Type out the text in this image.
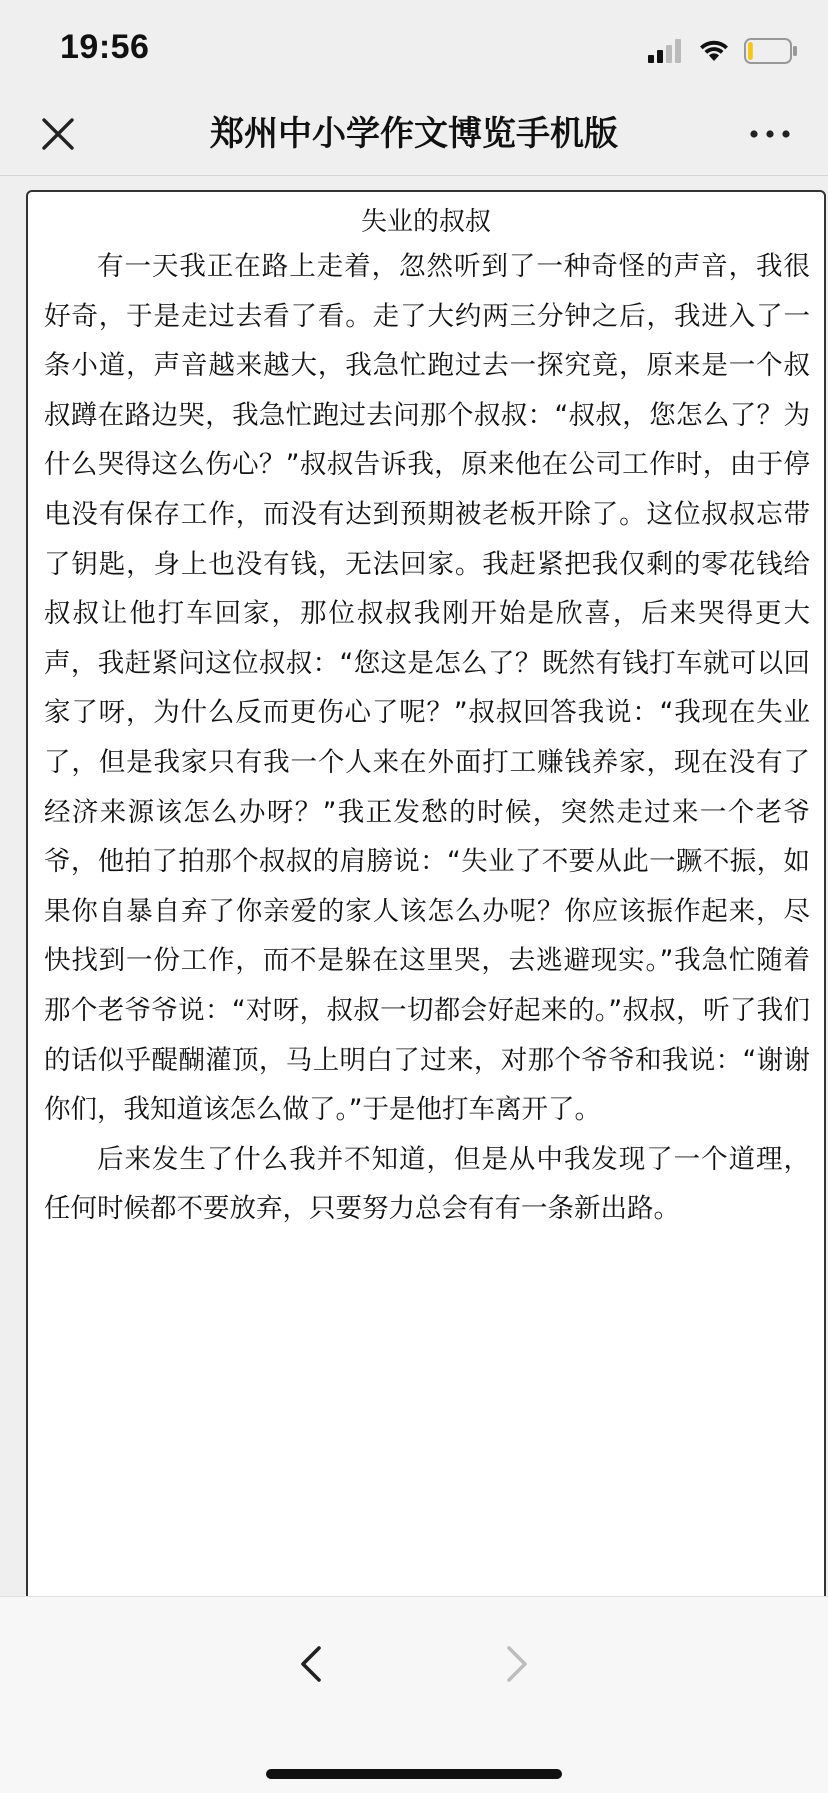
19:56
郑州中小学作文博览手机版
失业的叔叔

有一天我正在路上走着，忽然听到了一种奇怪的声音，我很好奇，于是走过去看了看。走了大约两三分钟之后，我进入了一条小道，声音越来越大，我急忙跑过去一探究竟，原来是一个叔叔蹲在路边哭，我急忙跑过去问那个叔叔：“叔叔，您怎么了？为什么哭得这么伤心？”叔叔告诉我，原来他在公司工作时，由于停电没有保存工作，而没有达到预期被老板开除了。这位叔叔忘带了钥匙，身上也没有钱，无法回家。我赶紧把我仅剩的零花钱给叔叔让他打车回家，那位叔叔我刚开始是欣喜，后来哭得更大声，我赶紧问这位叔叔：“您这是怎么了？既然有钱打车就可以回家了呀，为什么反而更伤心了呢？”叔叔回答我说：“我现在失业了，但是我家只有我一个人来在外面打工赚钱养家，现在没有了经济来源该怎么办呀？”我正发愁的时候，突然走过来一个老爷爷，他拍了拍那个叔叔的肩膀说：“失业了不要从此一蹶不振，如果你自暴自弃了你亲爱的家人该怎么办呢？你应该振作起来，尽快找到一份工作，而不是躲在这里哭，去逃避现实。”我急忙随着那个老爷爷说：“对呀，叔叔一切都会好起来的。”叔叔，听了我们的话似乎醍醐灌顶，马上明白了过来，对那个爷爷和我说：“谢谢你们，我知道该怎么做了。”于是他打车离开了。

后来发生了什么我并不知道，但是从中我发现了一个道理，任何时候都不要放弃，只要努力总会有有一条新出路。
